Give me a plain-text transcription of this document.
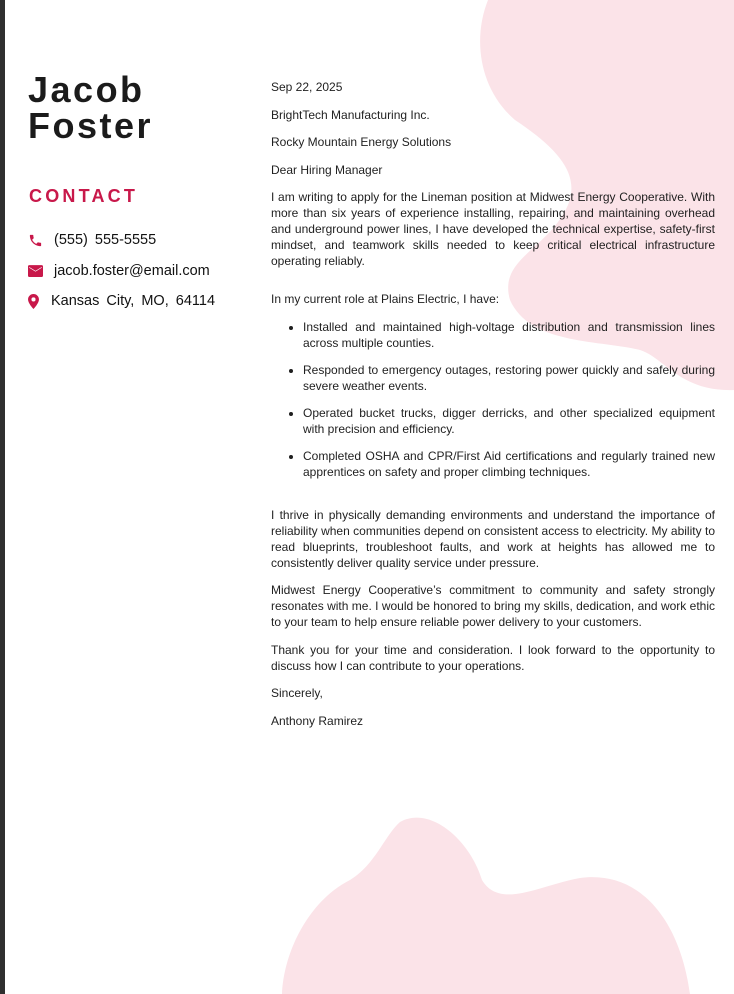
Jacob
Foster
CONTACT
(555) 555-5555
jacob.foster@email.com
Kansas City, MO, 64114

Sep 22, 2025

BrightTech Manufacturing Inc.

Rocky Mountain Energy Solutions

Dear Hiring Manager

I am writing to apply for the Lineman position at Midwest Energy Cooperative. With more than six years of experience installing, repairing, and maintaining overhead and underground power lines, I have developed the technical expertise, safety-first mindset, and teamwork skills needed to keep critical electrical infrastructure operating reliably.

In my current role at Plains Electric, I have:

• Installed and maintained high-voltage distribution and transmission lines across multiple counties.
• Responded to emergency outages, restoring power quickly and safely during severe weather events.
• Operated bucket trucks, digger derricks, and other specialized equipment with precision and efficiency.
• Completed OSHA and CPR/First Aid certifications and regularly trained new apprentices on safety and proper climbing techniques.

I thrive in physically demanding environments and understand the importance of reliability when communities depend on consistent access to electricity. My ability to read blueprints, troubleshoot faults, and work at heights has allowed me to consistently deliver quality service under pressure.

Midwest Energy Cooperative’s commitment to community and safety strongly resonates with me. I would be honored to bring my skills, dedication, and work ethic to your team to help ensure reliable power delivery to your customers.

Thank you for your time and consideration. I look forward to the opportunity to discuss how I can contribute to your operations.

Sincerely,

Anthony Ramirez
